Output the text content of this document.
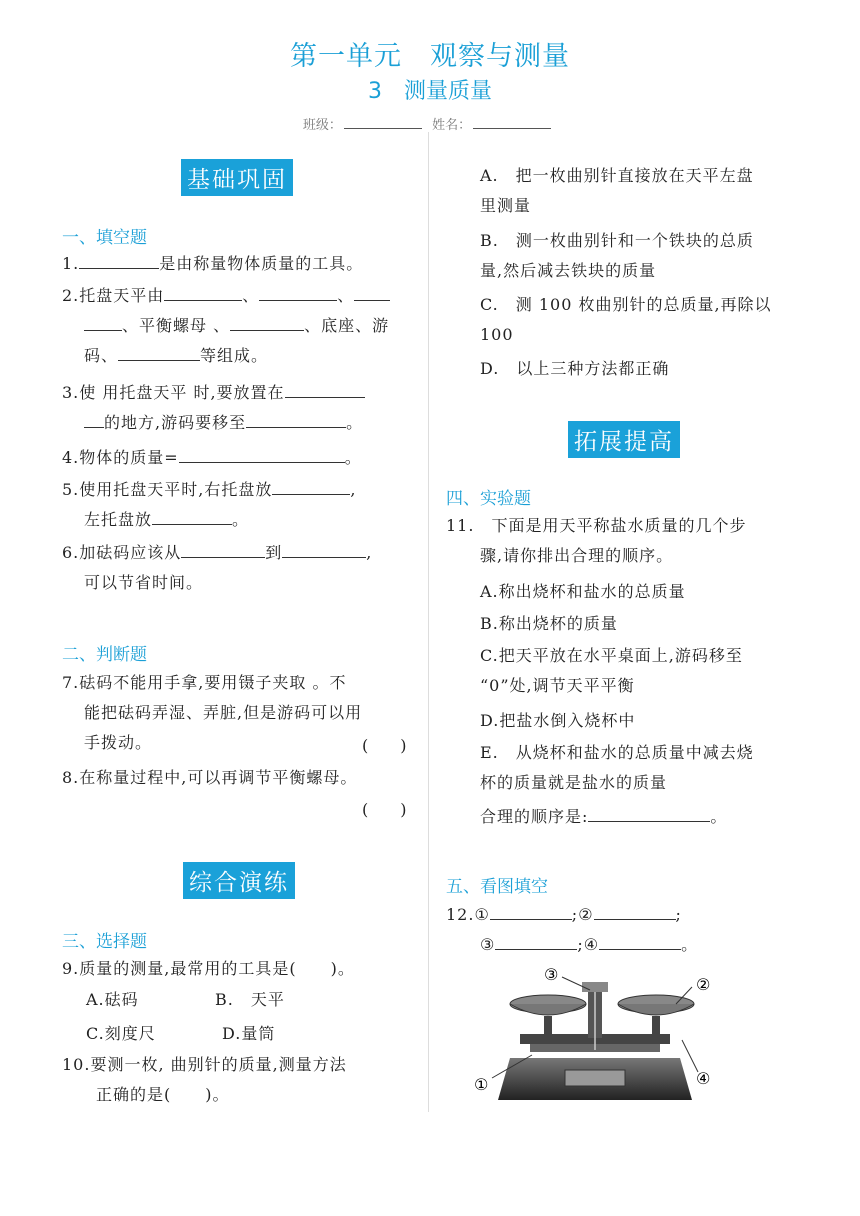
第一单元　观察与测量
3　测量质量
班级：	姓名：
基础巩固
一、填空题
1.	是由称量物体质量的工具。
2.托盘天平由	、	、
、平衡螺母 、	、底座、游
码、	等组成。
3.使 用托盘天平 时,要放置在
的地方,游码要移至	。
4.物体的质量=	。
5.使用托盘天平时,右托盘放	,
左托盘放	。
6.加砝码应该从	到	,
可以节省时间。
二、判断题
7.砝码不能用手拿,要用镊子夹取 。不
能把砝码弄湿、弄脏,但是游码可以用
手拨动。	(　　)
8.在称量过程中,可以再调节平衡螺母。
(　　)
综合演练
三、选择题
9.质量的测量,最常用的工具是(　　)。
A.砝码	B.　天平
C.刻度尺	D.量筒
10.要测一枚, 曲别针的质量,测量方法
正确的是(　　)。
A.　把一枚曲别针直接放在天平左盘
里测量
B.　测一枚曲别针和一个铁块的总质
量,然后减去铁块的质量
C.　测 100 枚曲别针的总质量,再除以
100
D.　以上三种方法都正确
拓展提高
四、实验题
11.　 下面是用天平称盐水质量的几个步
骤,请你排出合理的顺序。
A.称出烧杯和盐水的总质量
B.称出烧杯的质量
C.把天平放在水平桌面上,游码移至
“0”处,调节天平平衡
D.把盐水倒入烧杯中
E.　从烧杯和盐水的总质量中减去烧
杯的质量就是盐水的质量
合理的顺序是:	。
五、看图填空
12.①	;②	;
③	;④	。
③
②
①	④
